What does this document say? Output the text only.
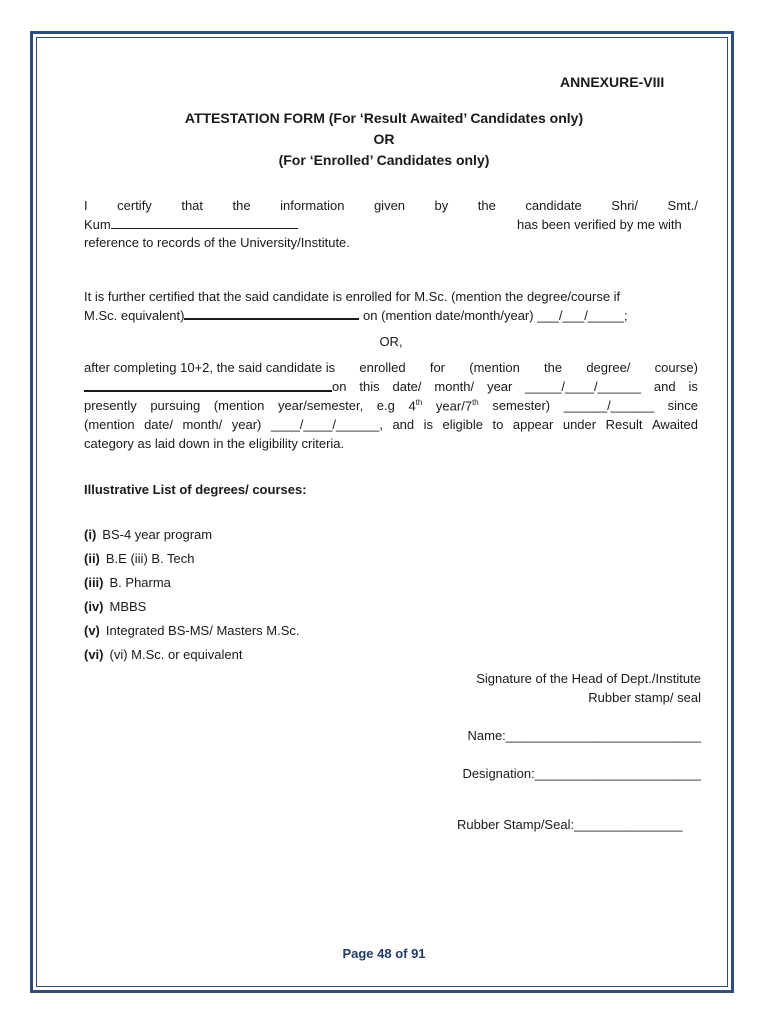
ANNEXURE-VIII
ATTESTATION FORM (For ‘Result Awaited’ Candidates only)
OR
(For ‘Enrolled’ Candidates only)
I certify that the information given by the candidate Shri/ Smt./
Kum	has been verified by me with
reference to records of the University/Institute.
It is further certified that the said candidate is enrolled for M.Sc. (mention the degree/course if
M.Sc. equivalent)	on (mention date/month/year) ___/___/_____;
OR,
after completing 10+2, the said candidate is enrolled for (mention the degree/ course)
on this date/ month/ year _____/____/______ and is
presently pursuing (mention year/semester, e.g 4th year/7th semester) ______/______ since
(mention date/ month/ year) ____/____/______, and is eligible to appear under Result Awaited
category as laid down in the eligibility criteria.
Illustrative List of degrees/ courses:
(i) BS-4 year program
(ii) B.E (iii) B. Tech
(iii) B. Pharma
(iv) MBBS
(v) Integrated BS-MS/ Masters M.Sc.
(vi) (vi) M.Sc. or equivalent
Signature of the Head of Dept./Institute
Rubber stamp/ seal
Name:___________________________
Designation:_______________________
Rubber Stamp/Seal:_______________
Page 48 of 91
